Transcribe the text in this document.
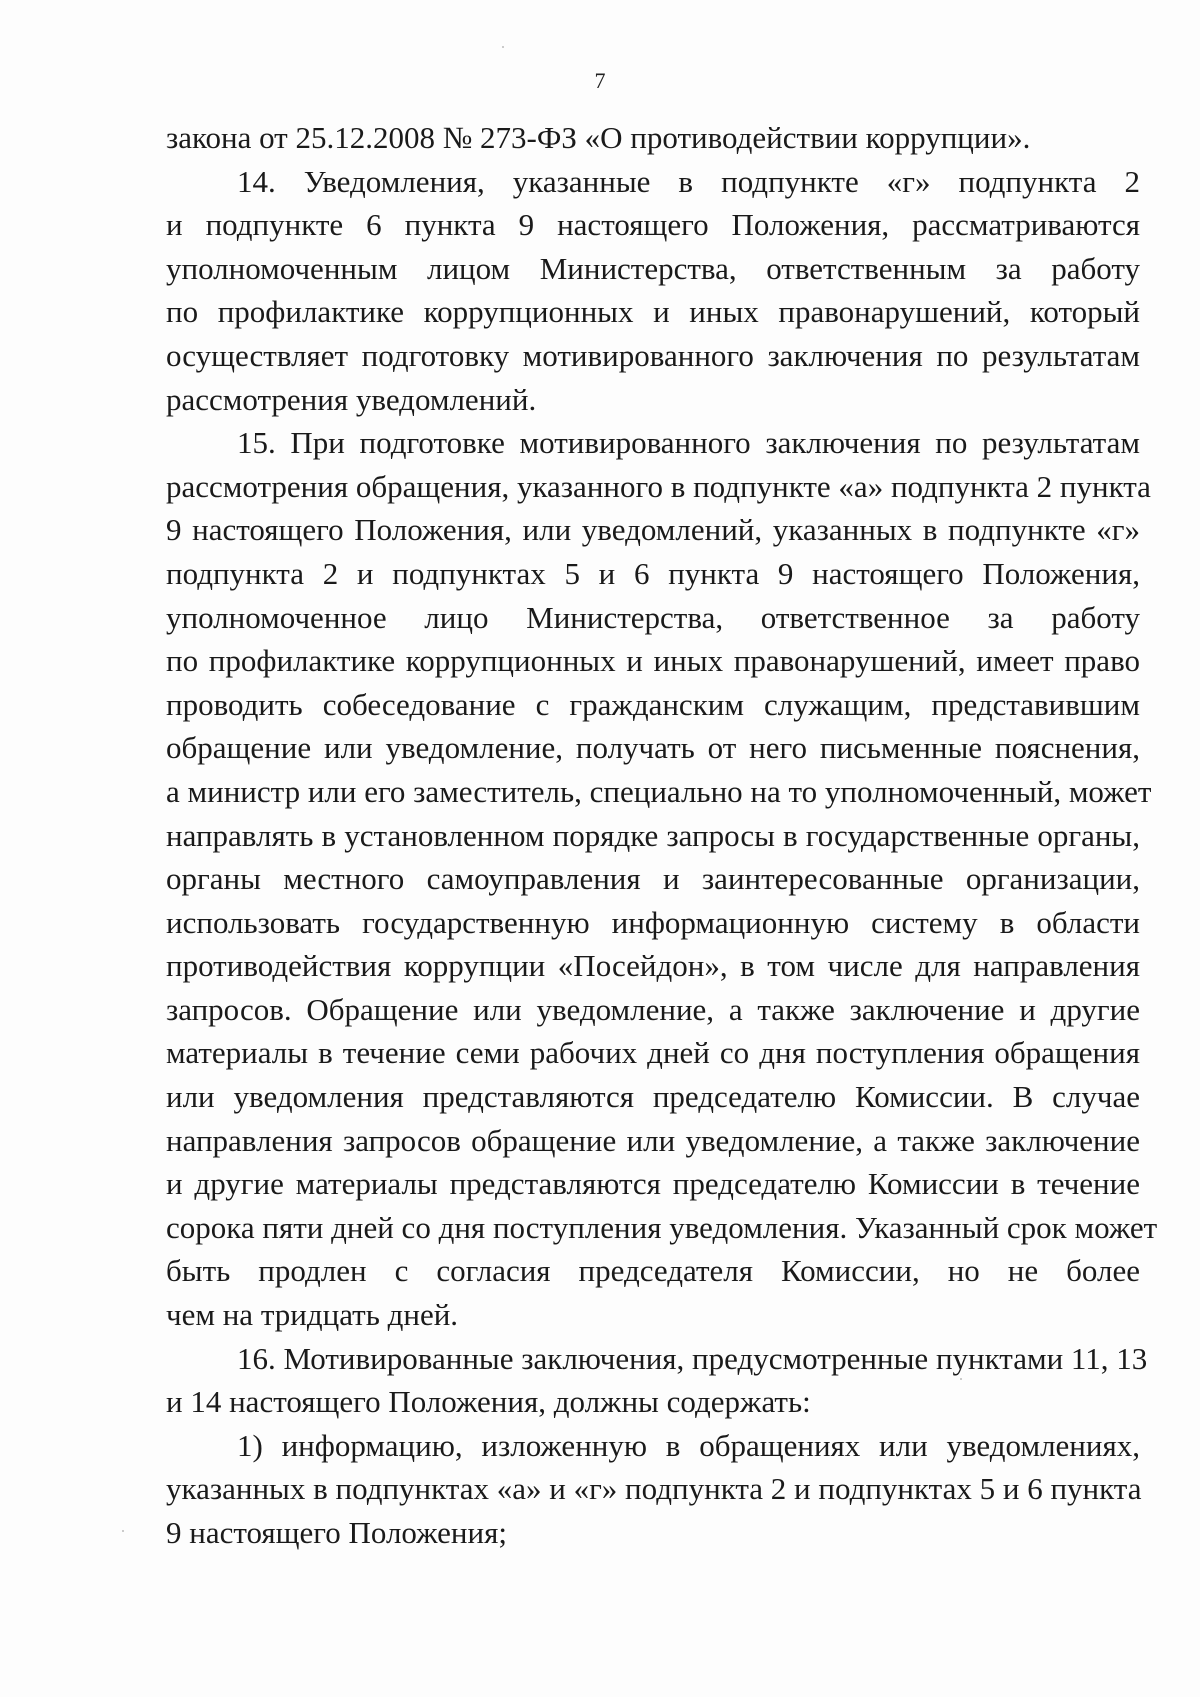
7
закона от 25.12.2008 № 273-ФЗ «О противодействии коррупции».
14. Уведомления, указанные в подпункте «г» подпункта 2
и подпункте 6 пункта 9 настоящего Положения, рассматриваются
уполномоченным лицом Министерства, ответственным за работу
по профилактике коррупционных и иных правонарушений, который
осуществляет подготовку мотивированного заключения по результатам
рассмотрения уведомлений.
15. При подготовке мотивированного заключения по результатам
рассмотрения обращения, указанного в подпункте «а» подпункта 2 пункта
9 настоящего Положения, или уведомлений, указанных в подпункте «г»
подпункта 2 и подпунктах 5 и 6 пункта 9 настоящего Положения,
уполномоченное лицо Министерства, ответственное за работу
по профилактике коррупционных и иных правонарушений, имеет право
проводить собеседование с гражданским служащим, представившим
обращение или уведомление, получать от него письменные пояснения,
а министр или его заместитель, специально на то уполномоченный, может
направлять в установленном порядке запросы в государственные органы,
органы местного самоуправления и заинтересованные организации,
использовать государственную информационную систему в области
противодействия коррупции «Посейдон», в том числе для направления
запросов. Обращение или уведомление, а также заключение и другие
материалы в течение семи рабочих дней со дня поступления обращения
или уведомления представляются председателю Комиссии. В случае
направления запросов обращение или уведомление, а также заключение
и другие материалы представляются председателю Комиссии в течение
сорока пяти дней со дня поступления уведомления. Указанный срок может
быть продлен с согласия председателя Комиссии, но не более
чем на тридцать дней.
16. Мотивированные заключения, предусмотренные пунктами 11, 13
и 14 настоящего Положения, должны содержать:
1) информацию, изложенную в обращениях или уведомлениях,
указанных в подпунктах «а» и «г» подпункта 2 и подпунктах 5 и 6 пункта
9 настоящего Положения;
